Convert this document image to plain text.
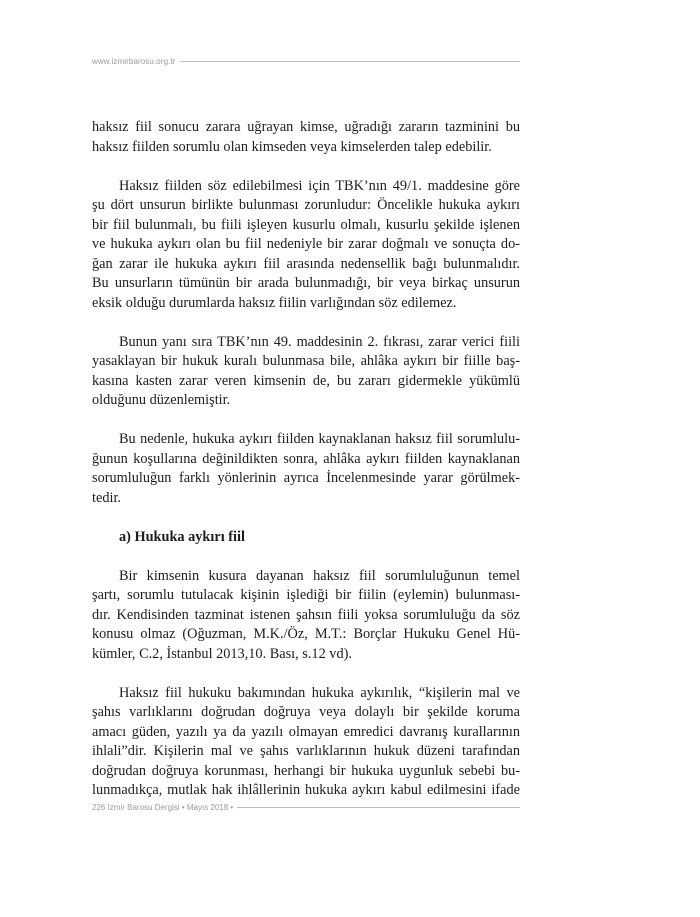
www.izmirbarosu.org.tr
haksız fiil sonucu zarara uğrayan kimse, uğradığı zararın tazminini bu
haksız fiilden sorumlu olan kimseden veya kimselerden talep edebilir.
Haksız fiilden söz edilebilmesi için TBK’nın 49/1. maddesine göre
şu dört unsurun birlikte bulunması zorunludur: Öncelikle hukuka aykırı
bir fiil bulunmalı, bu fiili işleyen kusurlu olmalı, kusurlu şekilde işlenen
ve hukuka aykırı olan bu fiil nedeniyle bir zarar doğmalı ve sonuçta do-
ğan zarar ile hukuka aykırı fiil arasında nedensellik bağı bulunmalıdır.
Bu unsurların tümünün bir arada bulunmadığı, bir veya birkaç unsurun
eksik olduğu durumlarda haksız fiilin varlığından söz edilemez.
Bunun yanı sıra TBK’nın 49. maddesinin 2. fıkrası, zarar verici fiili
yasaklayan bir hukuk kuralı bulunmasa bile, ahlâka aykırı bir fiille baş-
kasına kasten zarar veren kimsenin de, bu zararı gidermekle yükümlü
olduğunu düzenlemiştir.
Bu nedenle, hukuka aykırı fiilden kaynaklanan haksız fiil sorumlulu-
ğunun koşullarına değinildikten sonra, ahlâka aykırı fiilden kaynaklanan
sorumluluğun farklı yönlerinin ayrıca İncelenmesinde yarar görülmek-
tedir.
a) Hukuka aykırı fiil
Bir kimsenin kusura dayanan haksız fiil sorumluluğunun temel
şartı, sorumlu tutulacak kişinin işlediği bir fiilin (eylemin) bulunması-
dır. Kendisinden tazminat istenen şahsın fiili yoksa sorumluluğu da söz
konusu olmaz (Oğuzman, M.K./Öz, M.T.: Borçlar Hukuku Genel Hü-
kümler, C.2, İstanbul 2013,10. Bası, s.12 vd).
Haksız fiil hukuku bakımından hukuka aykırılık, “kişilerin mal ve
şahıs varlıklarını doğrudan doğruya veya dolaylı bir şekilde koruma
amacı güden, yazılı ya da yazılı olmayan emredici davranış kurallarının
ihlali”dir. Kişilerin mal ve şahıs varlıklarının hukuk düzeni tarafından
doğrudan doğruya korunması, herhangi bir hukuka uygunluk sebebi bu-
lunmadıkça, mutlak hak ihlâllerinin hukuka aykırı kabul edilmesini ifade
226 İzmir Barosu Dergisi • Mayıs 2018 •
